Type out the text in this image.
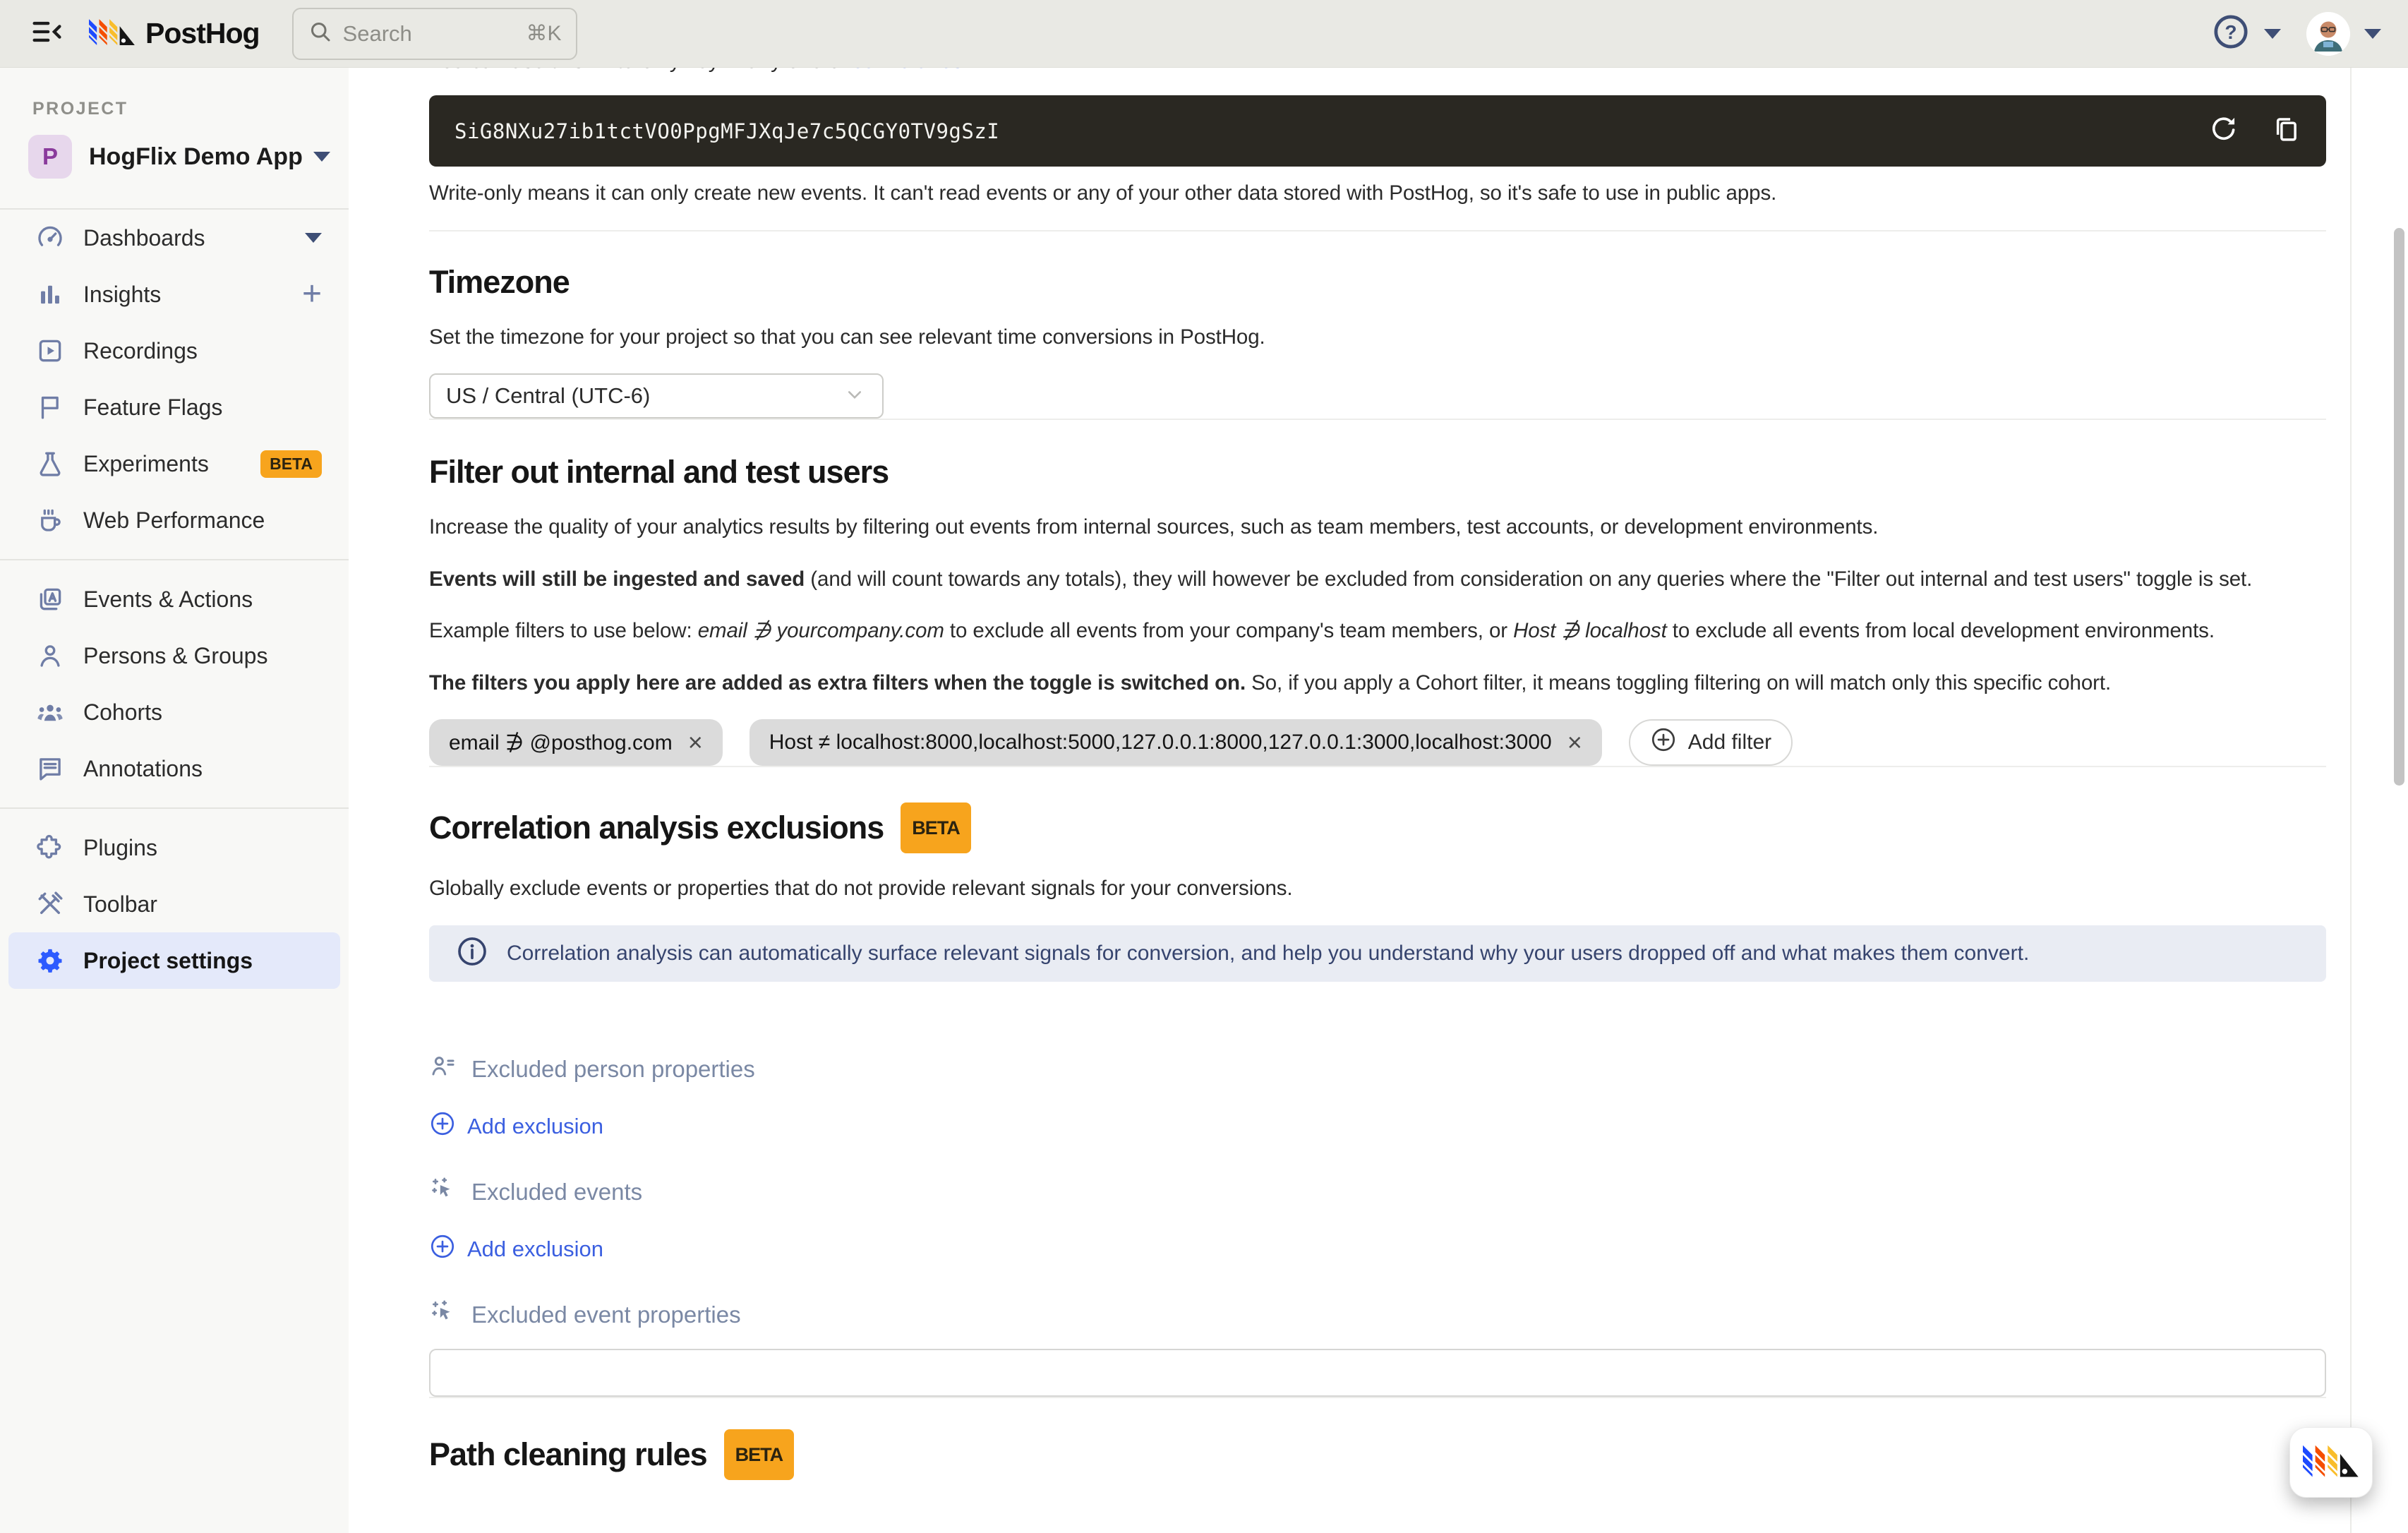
PostHog	Search	⌘K	?
PROJECT
P	HogFlix Demo App
Dashboards
Insights	+
Recordings
Feature Flags
Experiments	BETA
Web Performance
Events & Actions
Persons & Groups
Cohorts
Annotations
Plugins
Toolbar
Project settings
SiG8NXu27ib1tctVO0PpgMFJXqJe7c5QCGY0TV9gSzI

Write-only means it can only create new events. It can't read events or any of your other data stored with PostHog, so it's safe to use in public apps.

Timezone

Set the timezone for your project so that you can see relevant time conversions in PostHog.

US / Central (UTC-6)
Filter out internal and test users

Increase the quality of your analytics results by filtering out events from internal sources, such as team members, test accounts, or development environments.

Events will still be ingested and saved (and will count towards any totals), they will however be excluded from consideration on any queries where the "Filter out internal and test users" toggle is set.

Example filters to use below: email ∌ yourcompany.com to exclude all events from your company's team members, or Host ∌ localhost to exclude all events from local development environments.

The filters you apply here are added as extra filters when the toggle is switched on. So, if you apply a Cohort filter, it means toggling filtering on will match only this specific cohort.

email ∌ @posthog.com ×	Host ≠ localhost:8000,localhost:5000,127.0.0.1:8000,127.0.0.1:3000,localhost:3000 ×	Add filter
Correlation analysis exclusions	BETA

Globally exclude events or properties that do not provide relevant signals for your conversions.

Correlation analysis can automatically surface relevant signals for conversion, and help you understand why your users dropped off and what makes them convert.
Excluded person properties
Add exclusion
Excluded events
Add exclusion
Excluded event properties
Path cleaning rules	BETA
